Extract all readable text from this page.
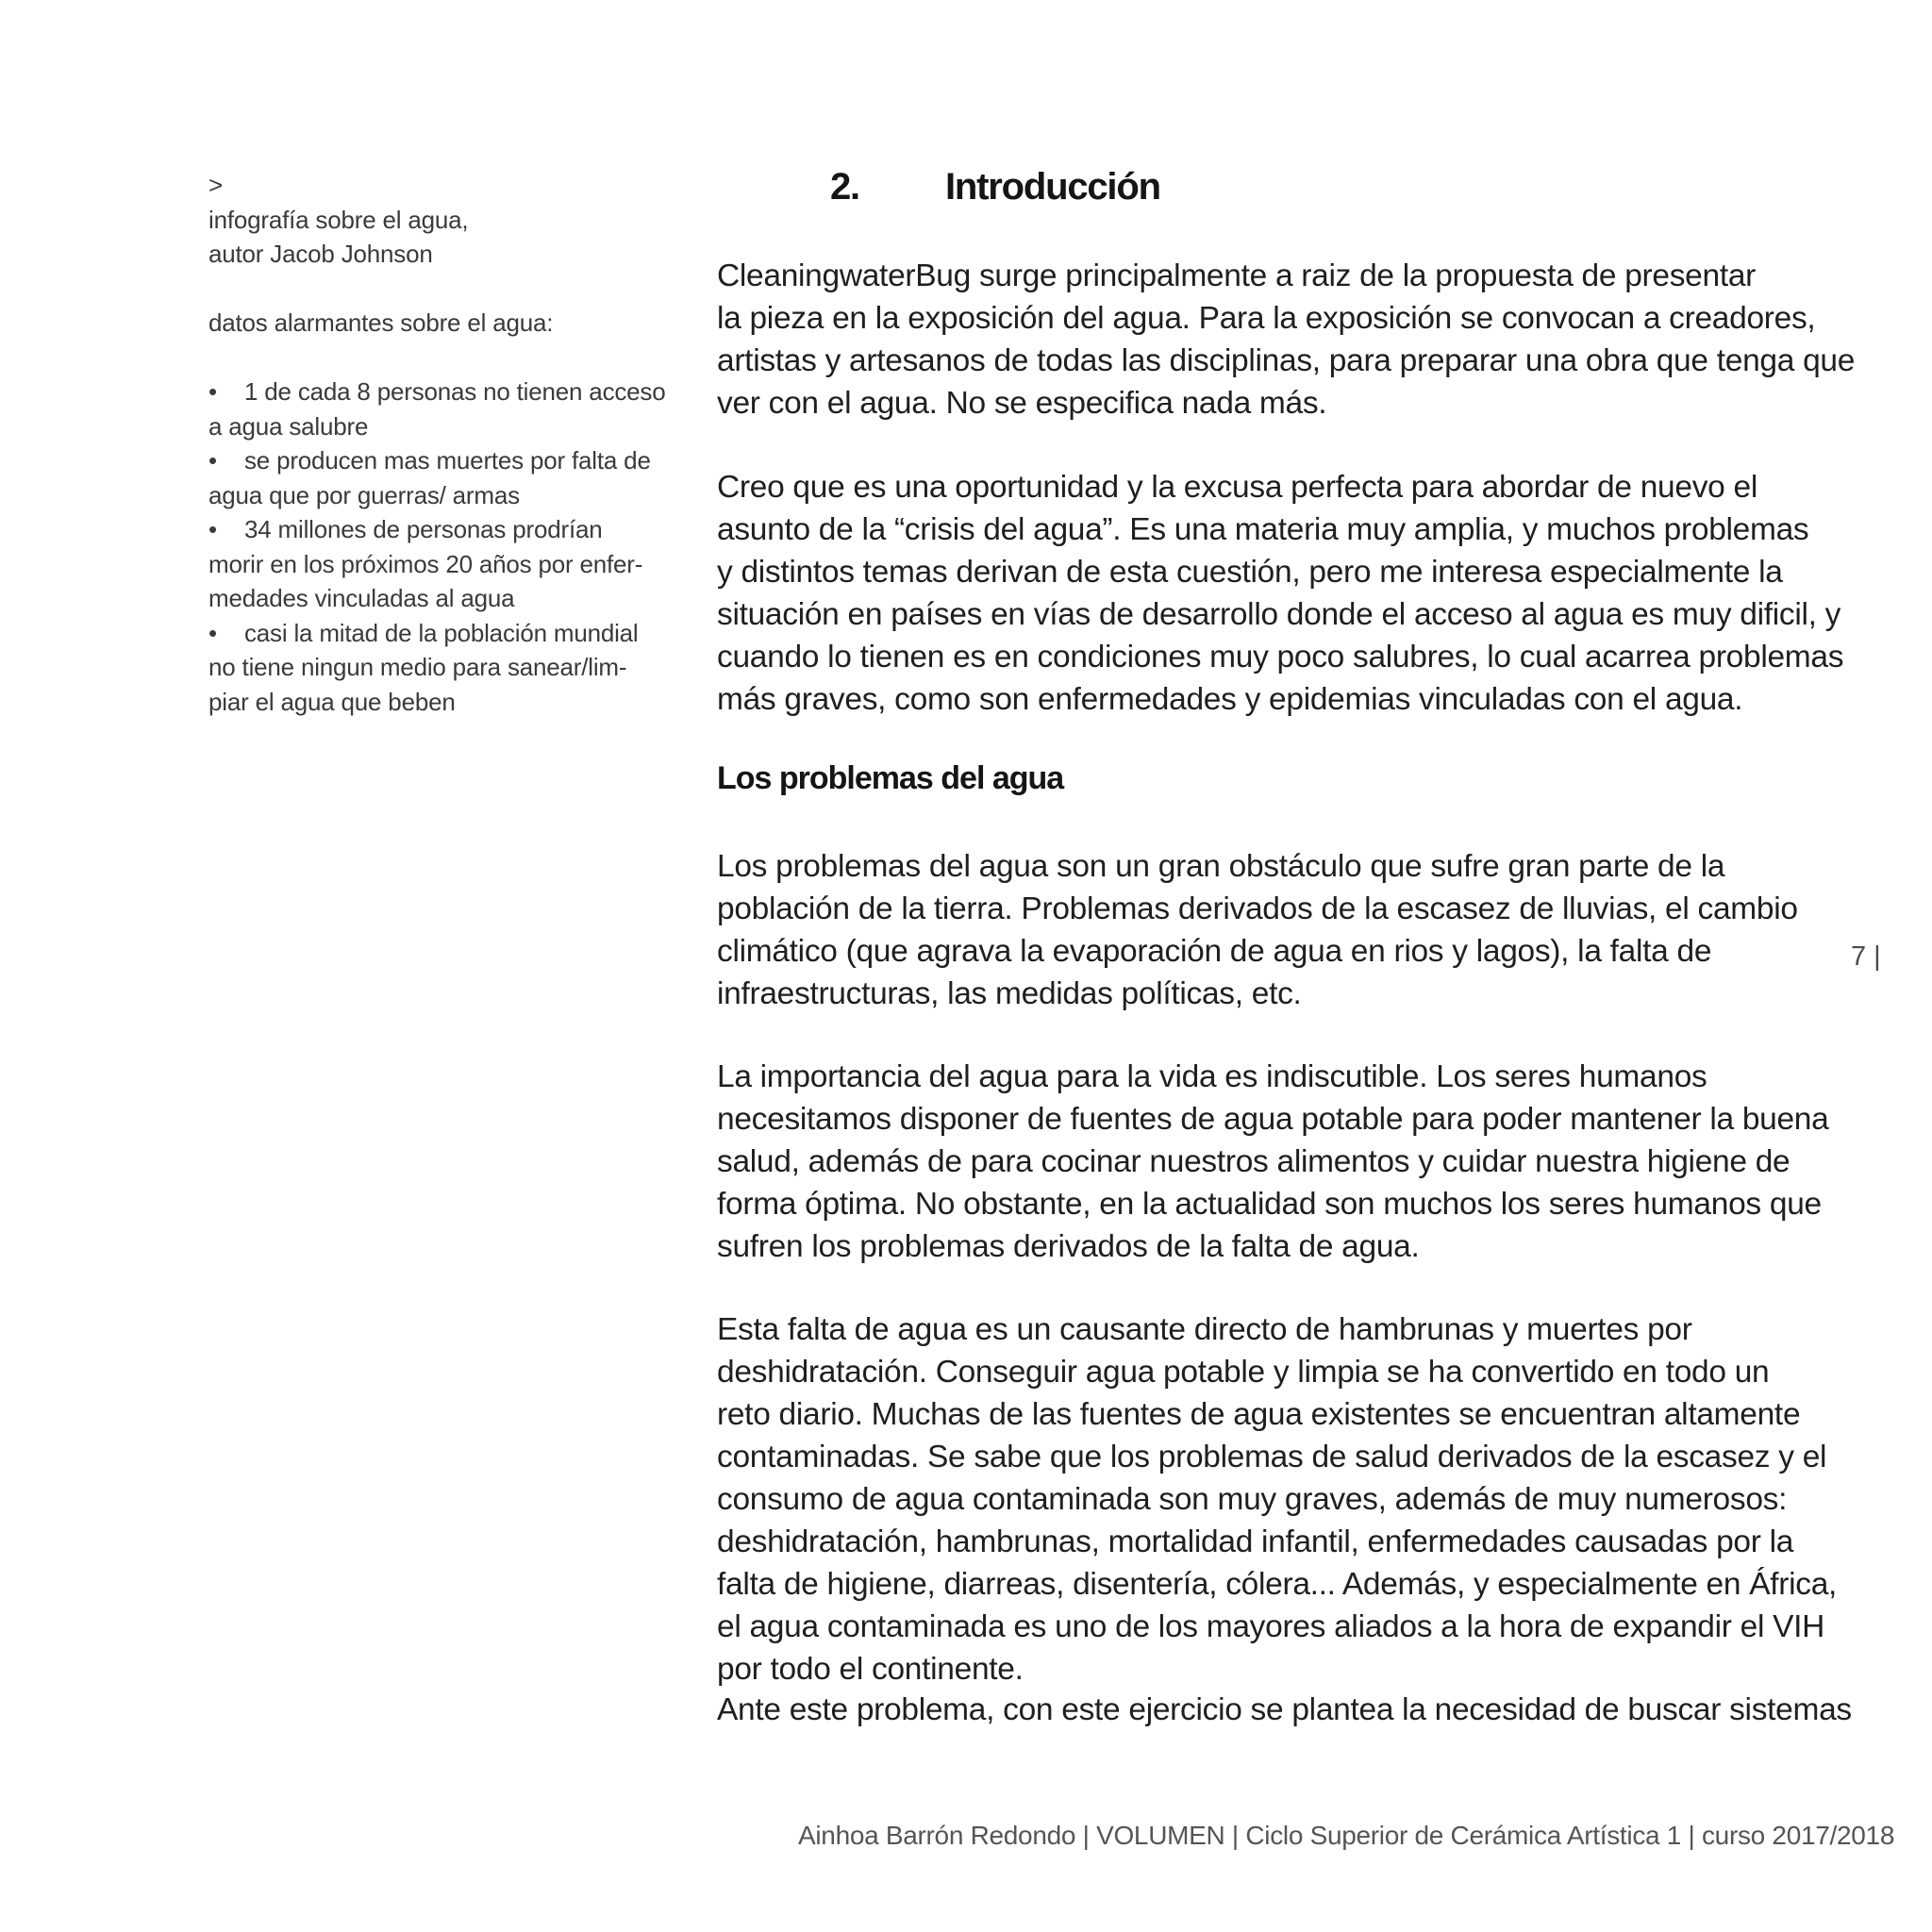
>
infografía sobre el agua,
autor Jacob Johnson
datos alarmantes sobre el agua:
• 1 de cada 8 personas no tienen acceso
a agua salubre
• se producen mas muertes por falta de
agua que por guerras/ armas
• 34 millones de personas prodrían
morir en los próximos 20 años por enfer-
medades vinculadas al agua
• casi la mitad de la población mundial
no tiene ningun medio para sanear/lim-
piar el agua que beben
2. Introducción
CleaningwaterBug surge principalmente a raiz de la propuesta de presentar
la pieza en la exposición del agua. Para la exposición se convocan a creadores,
artistas y artesanos de todas las disciplinas, para preparar una obra que tenga que
ver con el agua. No se especifica nada más.
Creo que es una oportunidad y la excusa perfecta para abordar de nuevo el
asunto de la “crisis del agua”. Es una materia muy amplia, y muchos problemas
y distintos temas derivan de esta cuestión, pero me interesa especialmente la
situación en países en vías de desarrollo donde el acceso al agua es muy dificil, y
cuando lo tienen es en condiciones muy poco salubres, lo cual acarrea problemas
más graves, como son enfermedades y epidemias vinculadas con el agua.
Los problemas del agua
Los problemas del agua son un gran obstáculo que sufre gran parte de la
población de la tierra. Problemas derivados de la escasez de lluvias, el cambio
climático (que agrava la evaporación de agua en rios y lagos), la falta de
infraestructuras, las medidas políticas, etc.
La importancia del agua para la vida es indiscutible. Los seres humanos
necesitamos disponer de fuentes de agua potable para poder mantener la buena
salud, además de para cocinar nuestros alimentos y cuidar nuestra higiene de
forma óptima. No obstante, en la actualidad son muchos los seres humanos que
sufren los problemas derivados de la falta de agua.
Esta falta de agua es un causante directo de hambrunas y muertes por
deshidratación. Conseguir agua potable y limpia se ha convertido en todo un
reto diario. Muchas de las fuentes de agua existentes se encuentran altamente
contaminadas. Se sabe que los problemas de salud derivados de la escasez y el
consumo de agua contaminada son muy graves, además de muy numerosos:
deshidratación, hambrunas, mortalidad infantil, enfermedades causadas por la
falta de higiene, diarreas, disentería, cólera... Además, y especialmente en África,
el agua contaminada es uno de los mayores aliados a la hora de expandir el VIH
por todo el continente.
Ante este problema, con este ejercicio se plantea la necesidad de buscar sistemas
7 |
Ainhoa Barrón Redondo | VOLUMEN | Ciclo Superior de Cerámica Artística 1 | curso 2017/2018
